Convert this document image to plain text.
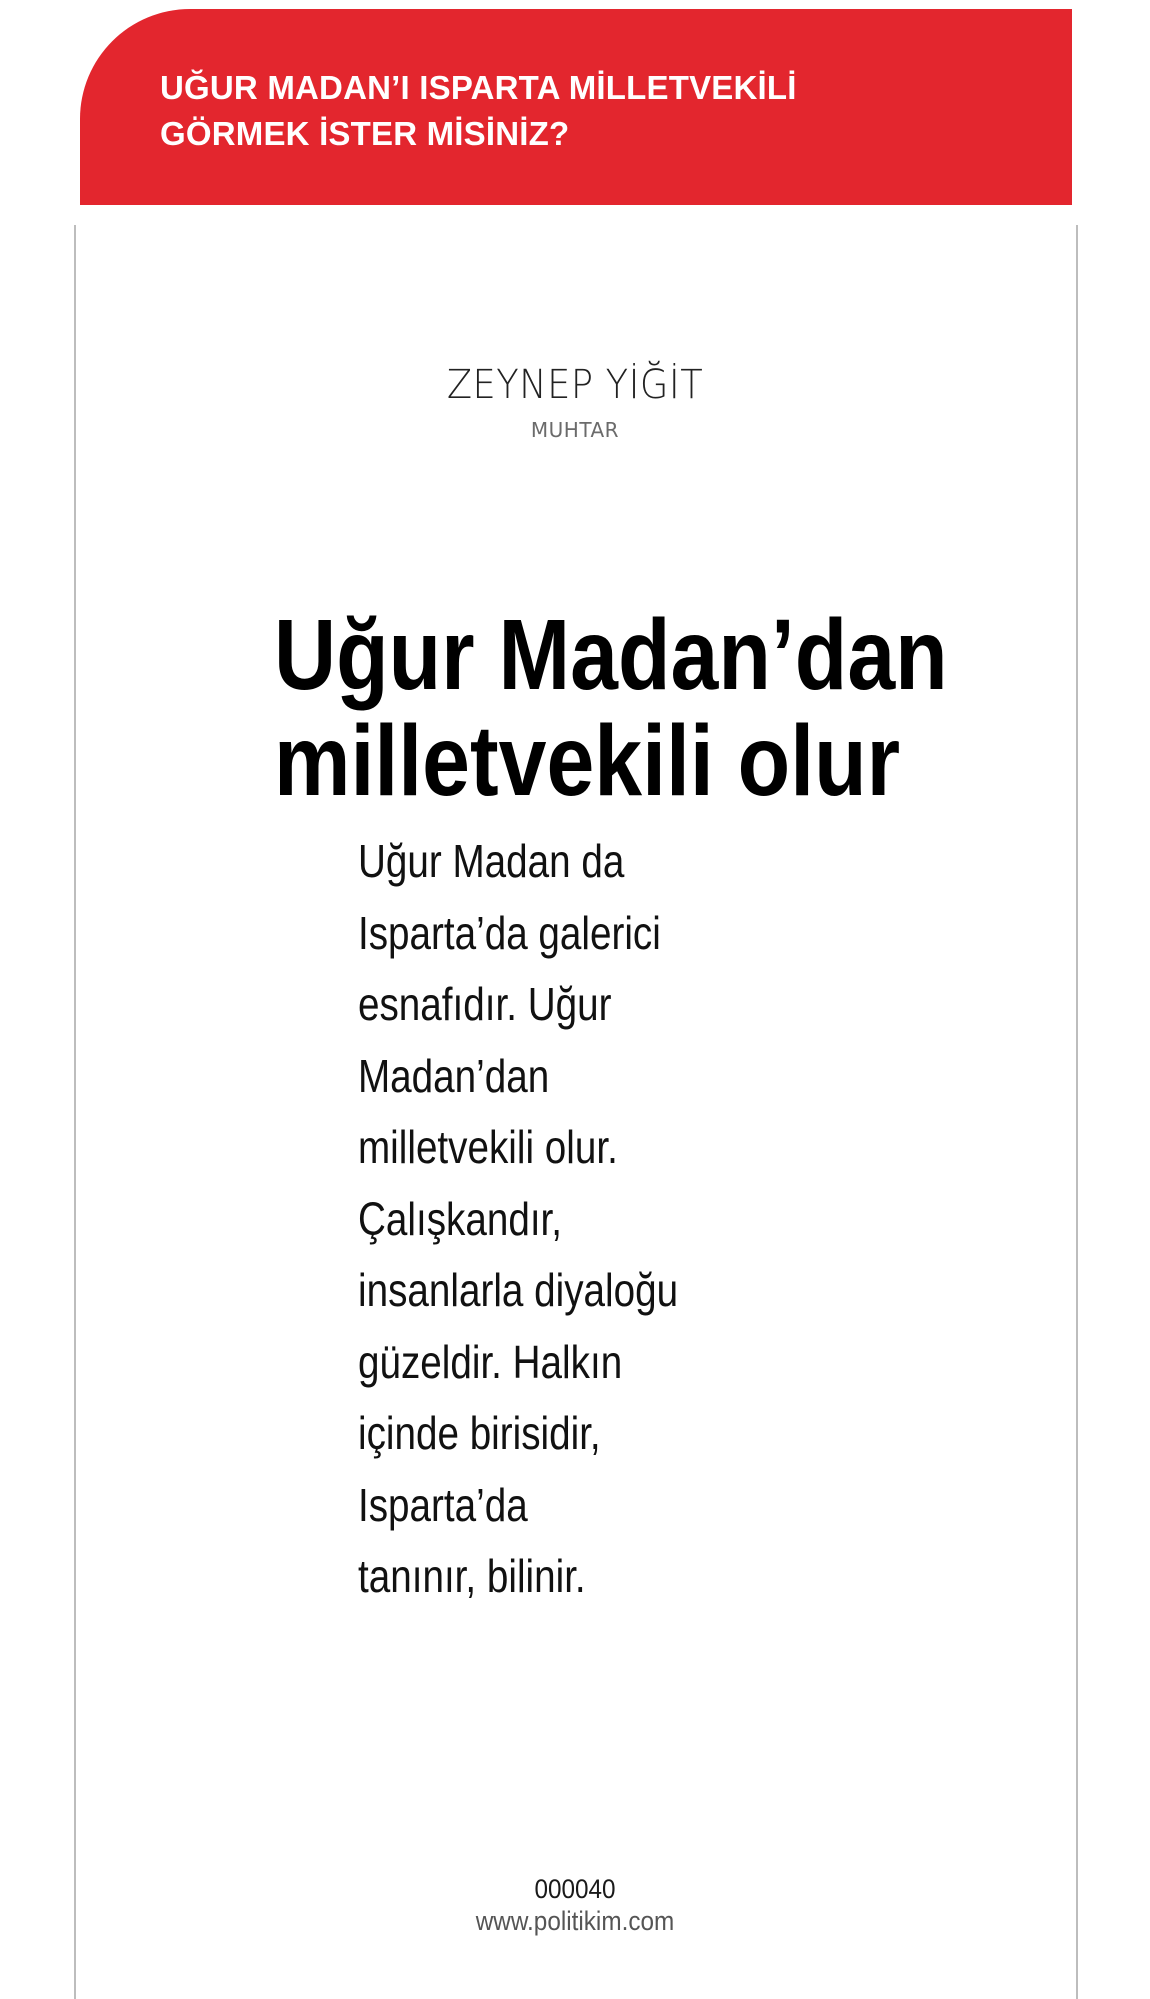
UĞUR MADAN’I ISPARTA MİLLETVEKİLİ
GÖRMEK İSTER MİSİNİZ?
ZEYNEP YİĞİT
MUHTAR
Uğur Madan’dan
milletvekili olur

Uğur Madan da
Isparta’da galerici
esnafıdır. Uğur
Madan’dan
milletvekili olur.
Çalışkandır,
insanlarla diyaloğu
güzeldir. Halkın
içinde birisidir,
Isparta’da
tanınır, bilinir.

000040
www.politikim.com
